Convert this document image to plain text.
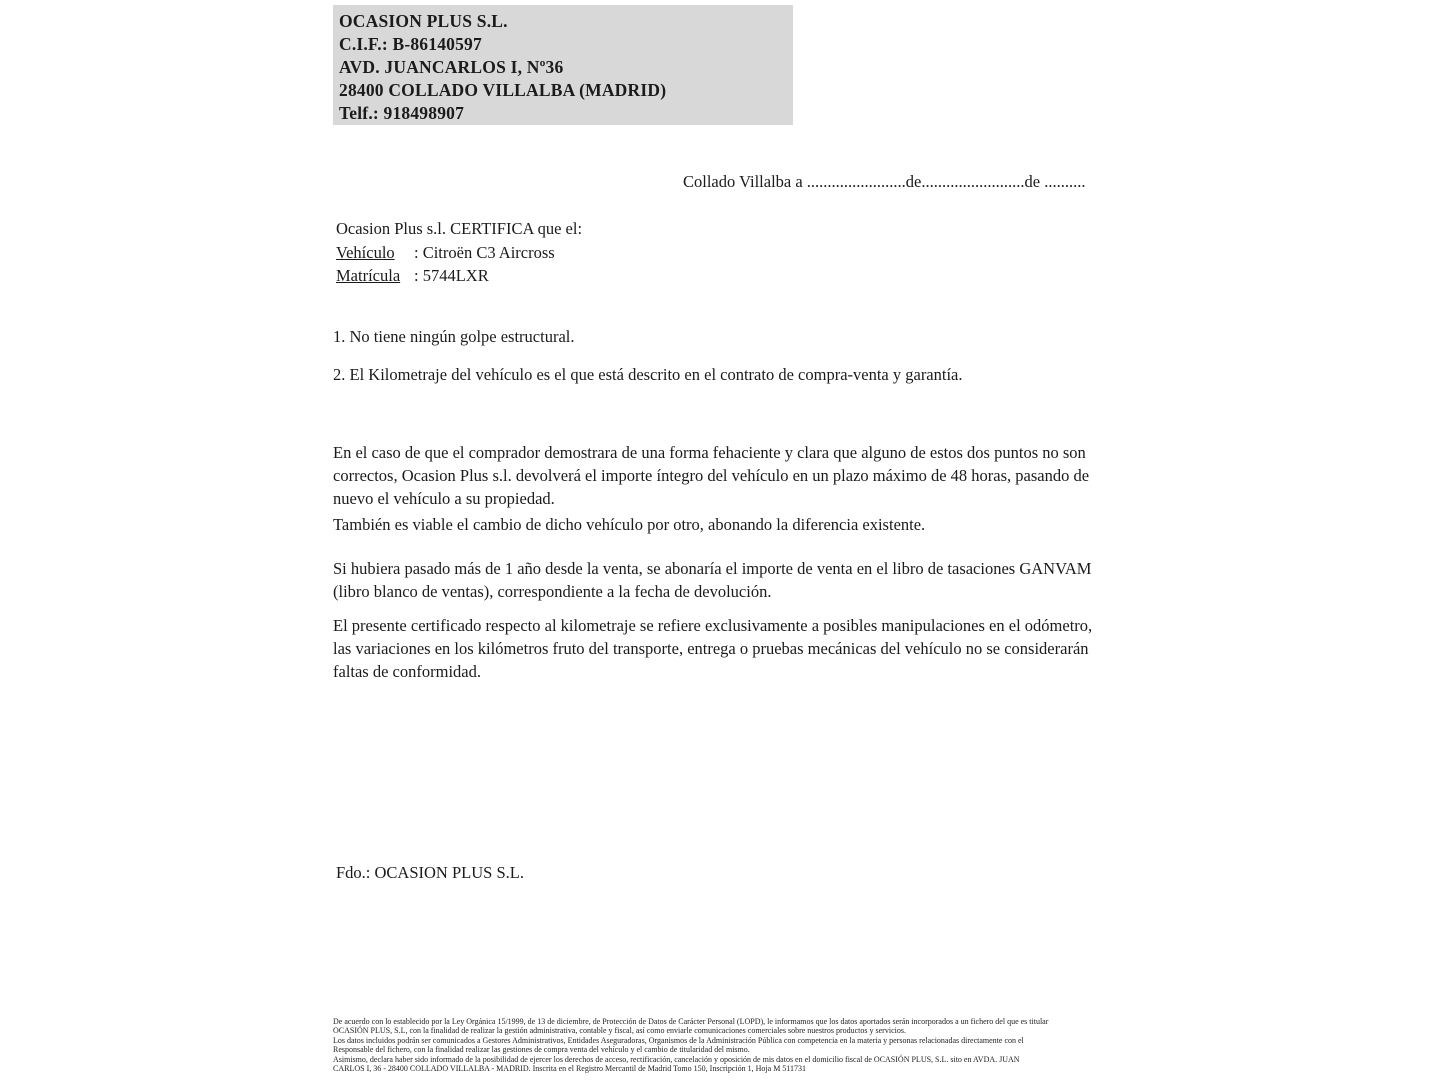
OCASION PLUS S.L.
C.I.F.: B-86140597
AVD. JUANCARLOS I, Nº36
28400 COLLADO VILLALBA (MADRID)
Telf.: 918498907
Collado Villalba a ........................de.........................de ..........
Ocasion Plus s.l. CERTIFICA que el:
Vehículo : Citroën C3 Aircross
Matrícula : 5744LXR
1. No tiene ningún golpe estructural.
2. El Kilometraje del vehículo es el que está descrito en el contrato de compra-venta y garantía.
En el caso de que el comprador demostrara de una forma fehaciente y clara que alguno de estos dos puntos no son correctos, Ocasion Plus s.l. devolverá el importe íntegro del vehículo en un plazo máximo de 48 horas, pasando de nuevo el vehículo a su propiedad.
También es viable el cambio de dicho vehículo por otro, abonando la diferencia existente.
Si hubiera pasado más de 1 año desde la venta, se abonaría el importe de venta en el libro de tasaciones GANVAM (libro blanco de ventas), correspondiente a la fecha de devolución.
El presente certificado respecto al kilometraje se refiere exclusivamente a posibles manipulaciones en el odómetro, las variaciones en los kilómetros fruto del transporte, entrega o pruebas mecánicas del vehículo no se considerarán faltas de conformidad.
Fdo.: OCASION PLUS S.L.
De acuerdo con lo establecido por la Ley Orgánica 15/1999, de 13 de diciembre, de Protección de Datos de Carácter Personal (LOPD), le informamos que los datos aportados serán incorporados a un fichero del que es titular
OCASIÓN PLUS, S.L, con la finalidad de realizar la gestión administrativa, contable y fiscal, así como enviarle comunicaciones comerciales sobre nuestros productos y servicios.
Los datos incluidos podrán ser comunicados a Gestores Administrativos, Entidades Aseguradoras, Organismos de la Administración Pública con competencia en la materia y personas relacionadas directamente con el
Responsable del fichero, con la finalidad realizar las gestiones de compra venta del vehículo y el cambio de titularidad del mismo.
Asimismo, declara haber sido informado de la posibilidad de ejercer los derechos de acceso, rectificación, cancelación y oposición de mis datos en el domicilio fiscal de OCASIÓN PLUS, S.L. sito en AVDA. JUAN
CARLOS I, 36 - 28400 COLLADO VILLALBA - MADRID. Inscrita en el Registro Mercantil de Madrid Tomo 150, Inscripción 1, Hoja M 511731
